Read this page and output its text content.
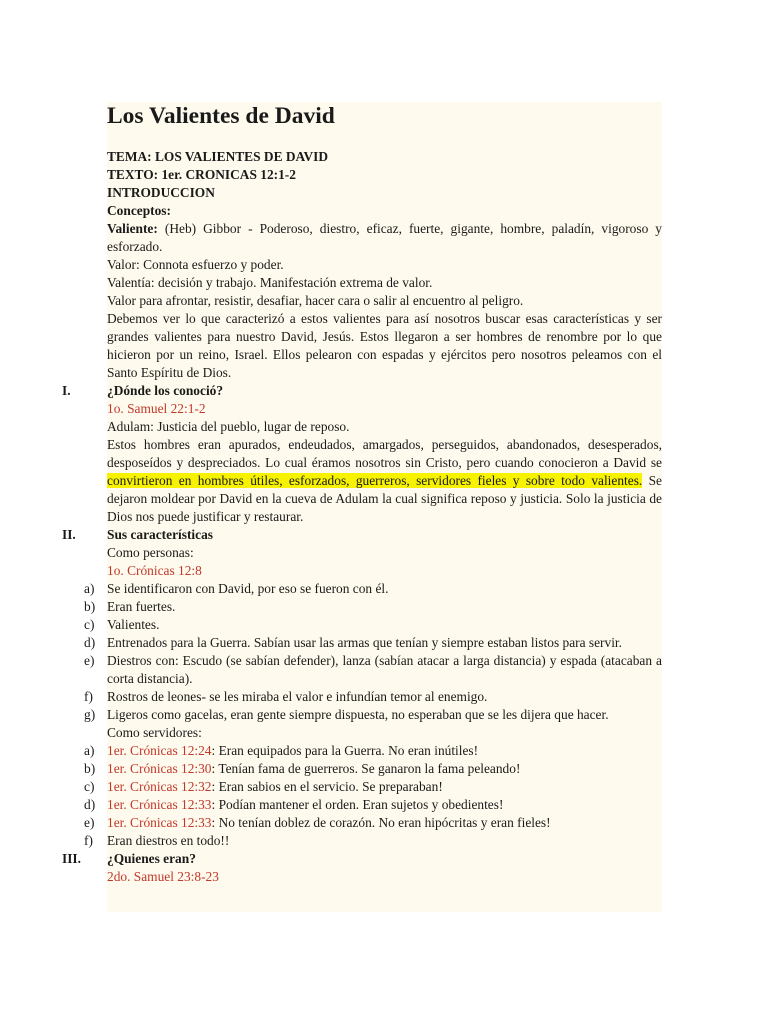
Los Valientes de David

TEMA: LOS VALIENTES DE DAVID

TEXTO: 1er. CRONICAS 12:1-2

INTRODUCCION

Conceptos:

Valiente: (Heb) Gibbor - Poderoso, diestro, eficaz, fuerte, gigante, hombre, paladín, vigoroso y esforzado.

Valor: Connota esfuerzo y poder.

Valentía: decisión y trabajo. Manifestación extrema de valor.

Valor para afrontar, resistir, desafiar, hacer cara o salir al encuentro al peligro.

Debemos ver lo que caracterizó a estos valientes para así nosotros buscar esas características y ser grandes valientes para nuestro David, Jesús. Estos llegaron a ser hombres de renombre por lo que hicieron por un reino, Israel. Ellos pelearon con espadas y ejércitos pero nosotros peleamos con el Santo Espíritu de Dios.

I.	¿Dónde los conoció?

1o. Samuel 22:1-2

Adulam: Justicia del pueblo, lugar de reposo.

Estos hombres eran apurados, endeudados, amargados, perseguidos, abandonados, desesperados, desposeídos y despreciados. Lo cual éramos nosotros sin Cristo, pero cuando conocieron a David se convirtieron en hombres útiles, esforzados, guerreros, servidores fieles y sobre todo valientes. Se dejaron moldear por David en la cueva de Adulam la cual significa reposo y justicia. Solo la justicia de Dios nos puede justificar y restaurar.

II. Sus características

Como personas:

1o. Crónicas 12:8

a) Se identificaron con David, por eso se fueron con él.
b) Eran fuertes.
c) Valientes.
d) Entrenados para la Guerra. Sabían usar las armas que tenían y siempre estaban listos para servir.
e) Diestros con: Escudo (se sabían defender), lanza (sabían atacar a larga distancia) y espada (atacaban a corta distancia).
f) Rostros de leones- se les miraba el valor e infundían temor al enemigo.
g) Ligeros como gacelas, eran gente siempre dispuesta, no esperaban que se les dijera que hacer.

Como servidores:

a) 1er. Crónicas 12:24: Eran equipados para la Guerra. No eran inútiles!
b) 1er. Crónicas 12:30: Tenían fama de guerreros. Se ganaron la fama peleando!
c) 1er. Crónicas 12:32: Eran sabios en el servicio. Se preparaban!
d) 1er. Crónicas 12:33: Podían mantener el orden. Eran sujetos y obedientes!
e) 1er. Crónicas 12:33: No tenían doblez de corazón. No eran hipócritas y eran fieles!
f) Eran diestros en todo!!
III. ¿Quienes eran?

2do. Samuel 23:8-23
